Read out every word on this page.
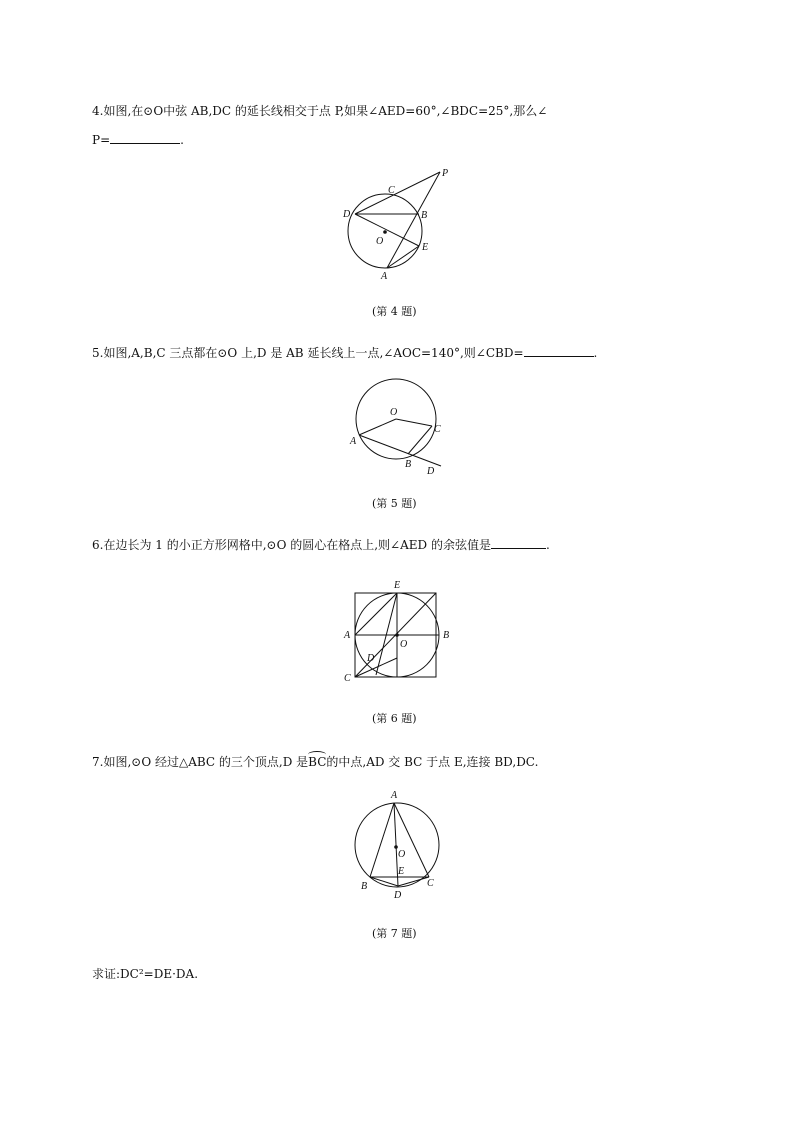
4.如图,在⊙O中弦 AB,DC 的延长线相交于点 P,如果∠AED=60°,∠BDC=25°,那么∠
P=	.
P
C
D	B
O
E
A
(第 4 题)
5.如图,A,B,C 三点都在⊙O 上,D 是 AB 延长线上一点,∠AOC=140°,则∠CBD=	.
O
C
A
B
D
(第 5 题)
6.在边长为 1 的小正方形网格中,⊙O 的圆心在格点上,则∠AED 的余弦值是	.
E
A	B
O
D
C
(第 6 题)
7.如图,⊙O 经过△ABC 的三个顶点,D 是BC的中点,AD 交 BC 于点 E,连接 BD,DC.
A
O
E
B
D
C
(第 7 题)
求证:DC²=DE·DA.
